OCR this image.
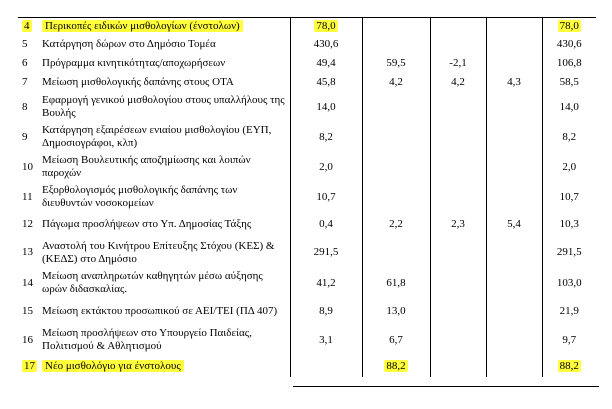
4	Περικοπές ειδικών μισθολογίων (ένστολων)	78,0				78,0
5	Κατάργηση δώρων στο Δημόσιο Τομέα	430,6				430,6
6	Πρόγραμμα κινητικότητας/αποχωρήσεων	49,4	59,5	-2,1		106,8
7	Μείωση μισθολογικής δαπάνης στους ΟΤΑ	45,8	4,2	4,2	4,3	58,5
8	Εφαρμογή γενικού μισθολογίου στους υπαλλήλους της Βουλής	14,0				14,0
9	Κατάργηση εξαιρέσεων ενιαίου μισθολογίου (ΕΥΠ, Δημοσιογράφοι, κλπ)	8,2				8,2
10	Μείωση Βουλευτικής αποζημίωσης και λοιπών παροχών	2,0				2,0
11	Εξορθολογισμός μισθολογικής δαπάνης των διευθυντών νοσοκομείων	10,7				10,7
12	Πάγωμα προσλήψεων στο Υπ. Δημοσίας Τάξης	0,4	2,2	2,3	5,4	10,3
13	Αναστολή του Κινήτρου Επίτευξης Στόχου (ΚΕΣ) & (ΚΕΔΣ) στο Δημόσιο	291,5				291,5
14	Μείωση αναπληρωτών καθηγητών μέσω αύξησης ωρών διδασκαλίας.	41,2	61,8			103,0
15	Μείωση εκτάκτου προσωπικού σε ΑΕΙ/ΤΕΙ (ΠΔ 407)	8,9	13,0			21,9
16	Μείωση προσλήψεων στο Υπουργείο Παιδείας, Πολιτισμού & Αθλητισμού	3,1	6,7			9,7
17	Νέο μισθολόγιο για ένστολους		88,2			88,2
